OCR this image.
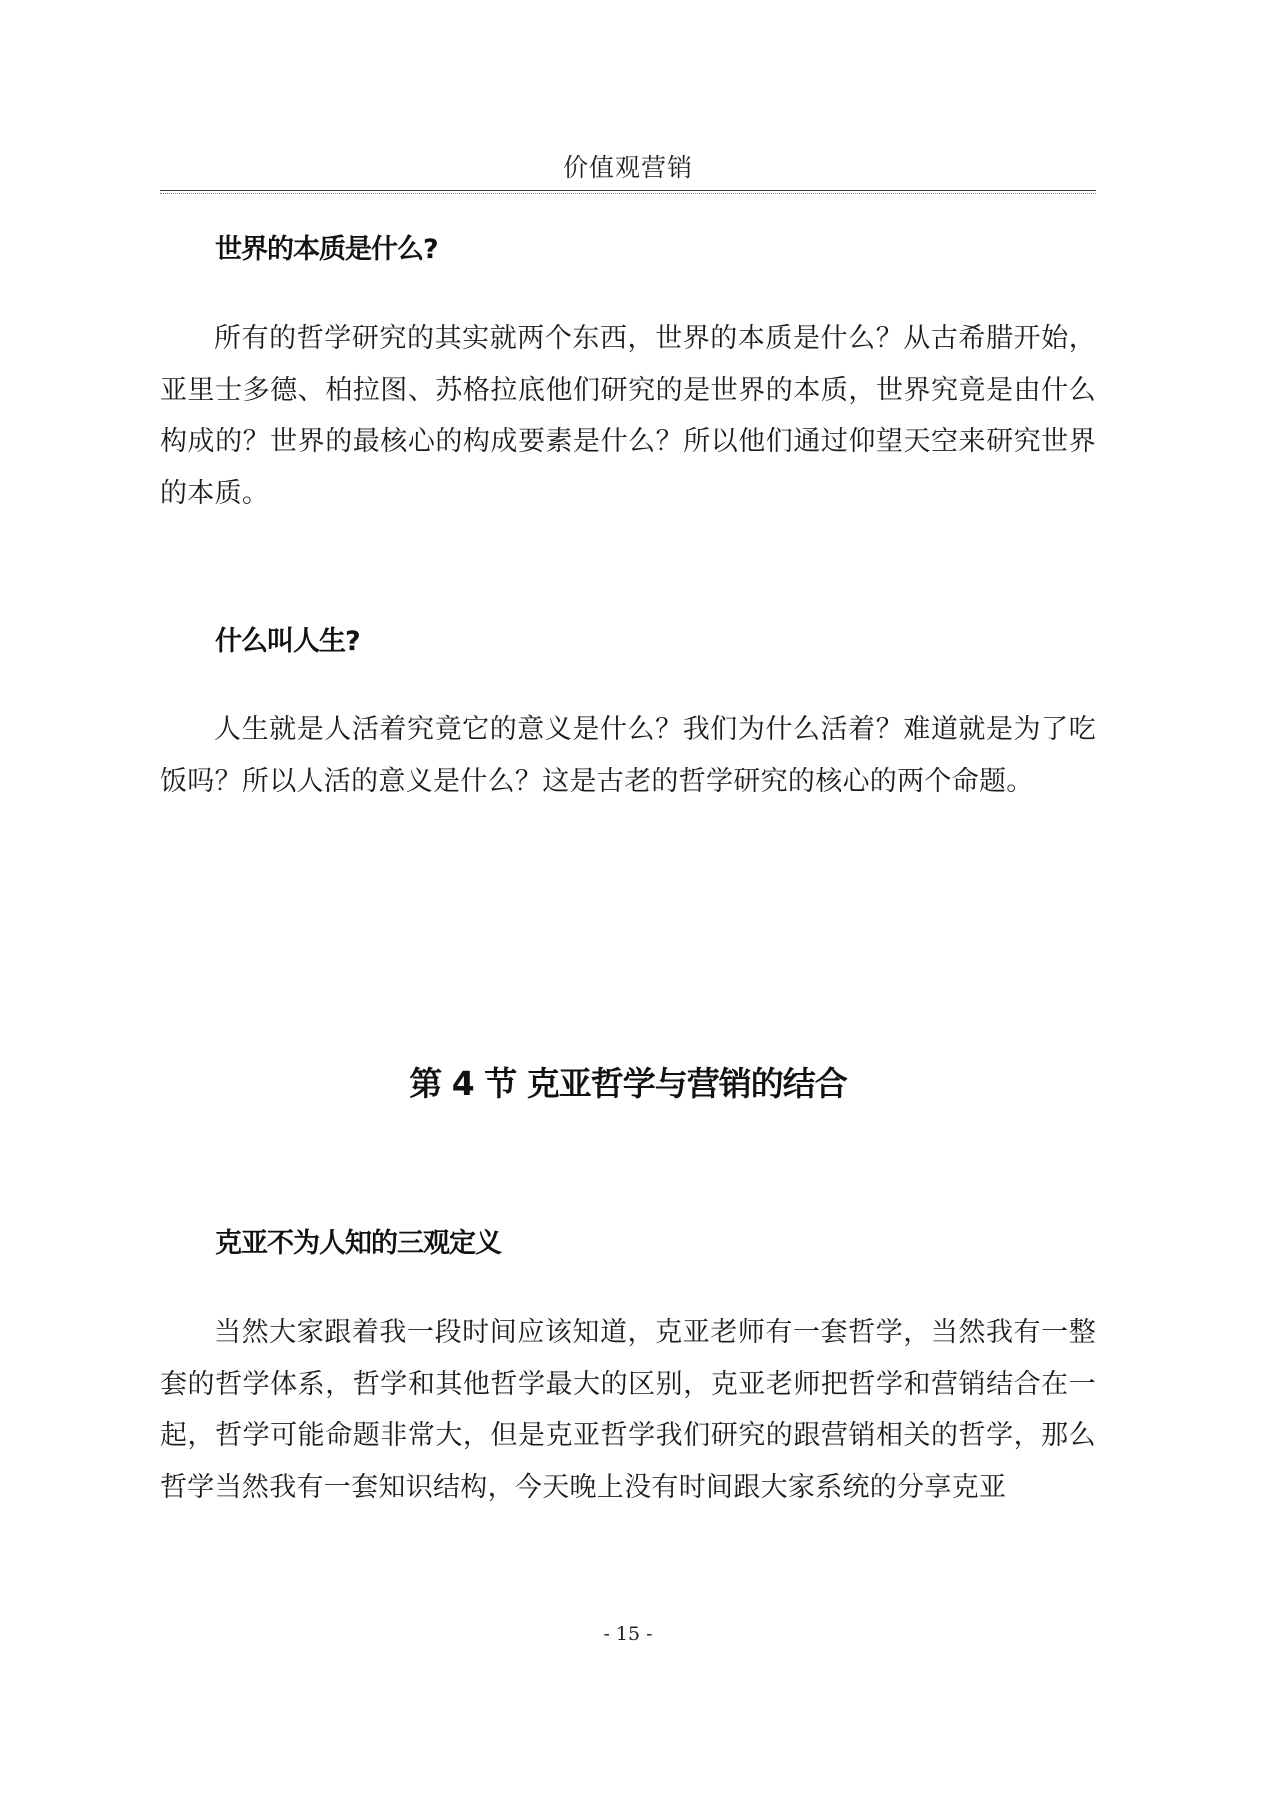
价值观营销
世界的本质是什么?

所有的哲学研究的其实就两个东西，世界的本质是什么？从古希腊开始，亚里士多德、柏拉图、苏格拉底他们研究的是世界的本质，世界究竟是由什么构成的？世界的最核心的构成要素是什么？所以他们通过仰望天空来研究世界的本质。

什么叫人生?

人生就是人活着究竟它的意义是什么？我们为什么活着？难道就是为了吃饭吗？所以人活的意义是什么？这是古老的哲学研究的核心的两个命题。

第 4 节 克亚哲学与营销的结合
克亚不为人知的三观定义

当然大家跟着我一段时间应该知道，克亚老师有一套哲学，当然我有一整套的哲学体系，哲学和其他哲学最大的区别，克亚老师把哲学和营销结合在一起，哲学可能命题非常大，但是克亚哲学我们研究的跟营销相关的哲学，那么哲学当然我有一套知识结构，今天晚上没有时间跟大家系统的分享克亚

- 15 -
